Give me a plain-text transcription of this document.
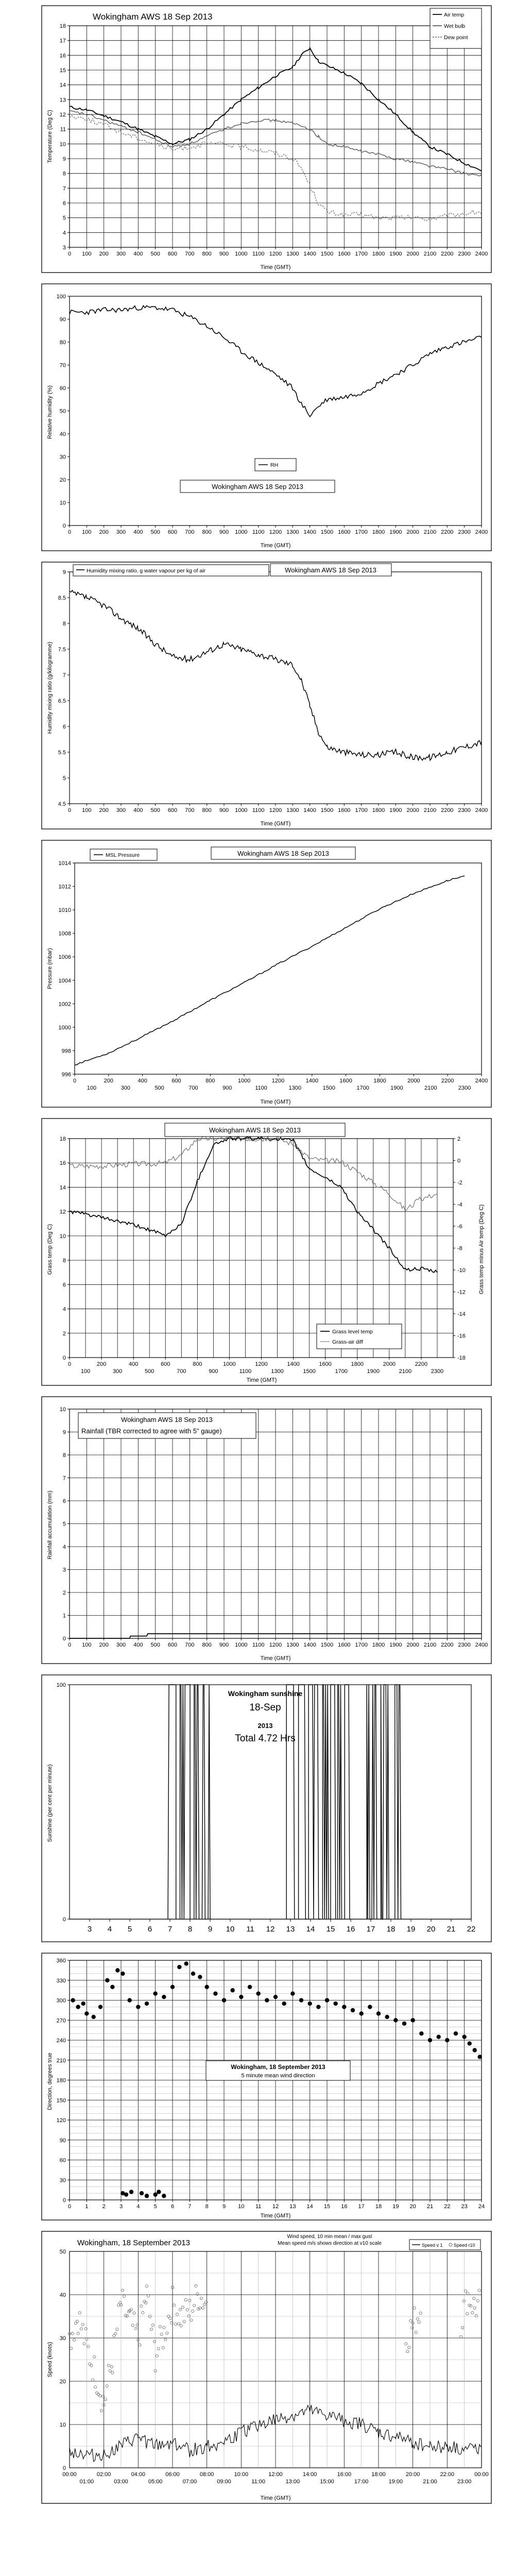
3
4
5
6
7
8
9
10
11
12
13
14
15
16
17
18
0 100 200 300 400 500 600 700 800 900 1000 1100 1200 1300 1400 1500 1600 1700 1800 1900 2000 2100 2200 2300 2400
Wokingham AWS 18 Sep 2013
Time (GMT)
Temperature (Deg C)
Air temp
Wet bulb
Dew point
0
10
20
30
40
50
60
70
80
90
100
0 100 200 300 400 500 600 700 800 900 1000 1100 1200 1300 1400 1500 1600 1700 1800 1900 2000 2100 2200 2300 2400
Wokingham AWS 18 Sep 2013
Time (GMT)
Relative humidity (%)
RH
4.5
5
5.5
6
6.5
7
7.5
8
8.5
9
0 100 200 300 400 500 600 700 800 900 1000 1100 1200 1300 1400 1500 1600 1700 1800 1900 2000 2100 2200 2300 2400
Humidity mixing ratio, g water vapour per kg of air	Wokingham AWS 18 Sep 2013
Time (GMT)
Humidity mixing ratio (g/kilogramme)
996
998
1000
1002
1004
1006
1008
1010
1012
1014
0	200	400	600	800	1000	1200	1400	1600	1800	2000	2200	2400
100	300	500	700	900	1100	1300	1500	1700	1900	2100	2300
MSL Pressure	Wokingham AWS 18 Sep 2013
Time (GMT)
Pressure (mbar)
0
2
4
6
8
10
12
14
16
18
0	200	400	600	800	1000	1200	1400	1600	1800	2000	2200
100	300	500	700	900	1100	1300	1500	1700	1900	2100	2300
-18
-16
-14
-12
-10
-8
-6
-4
-2
0
2
Wokingham AWS 18 Sep 2013
Grass level temp
Grass-air diff
Time (GMT)
Grass temp (Deg C)	Grass temp minus Air temp (Deg C)
0
1
2
3
4
5
6
7
8
9
10
0 100 200 300 400 500 600 700 800 900 1000 1100 1200 1300 1400 1500 1600 1700 1800 1900 2000 2100 2200 2300 2400
Wokingham AWS 18 Sep 2013
Rainfall (TBR corrected to agree with 5" gauge)
Time (GMT)
Rainfall accumulation (mm)
0
100
3 4 5 6 7 8 9 10 11 12 13 14 15 16 17 18 19 20 21 22
Wokingham sunshine
18-Sep
2013
Total 4.72 Hrs
Sunshine (per cent per minute)
0
30
60
90
120
150
180
210
240
270
300
330
360
0 1 2 3 4 5 6 7 8 9 10 11 12 13 14 15 16 17 18 19 20 21 22 23 24
Wokingham, 18 September 2013
5 minute mean wind direction
Time (GMT)
Direction, degrees true
0
10
20
30
40
50
00:00	02:00	04:00	06:00	08:00	10:00	12:00	14:00	16:00	18:00	20:00	22:00	00:00
01:00	03:00	05:00	07:00	09:00	11:00	13:00	15:00	17:00	19:00	21:00	23:00
Wokingham, 18 September 2013
Wind speed, 10 min mean / max gust
Mean speed m/s shows direction at v10 scale	Speed v 1 Speed r10
Time (GMT)
Speed (knots)
